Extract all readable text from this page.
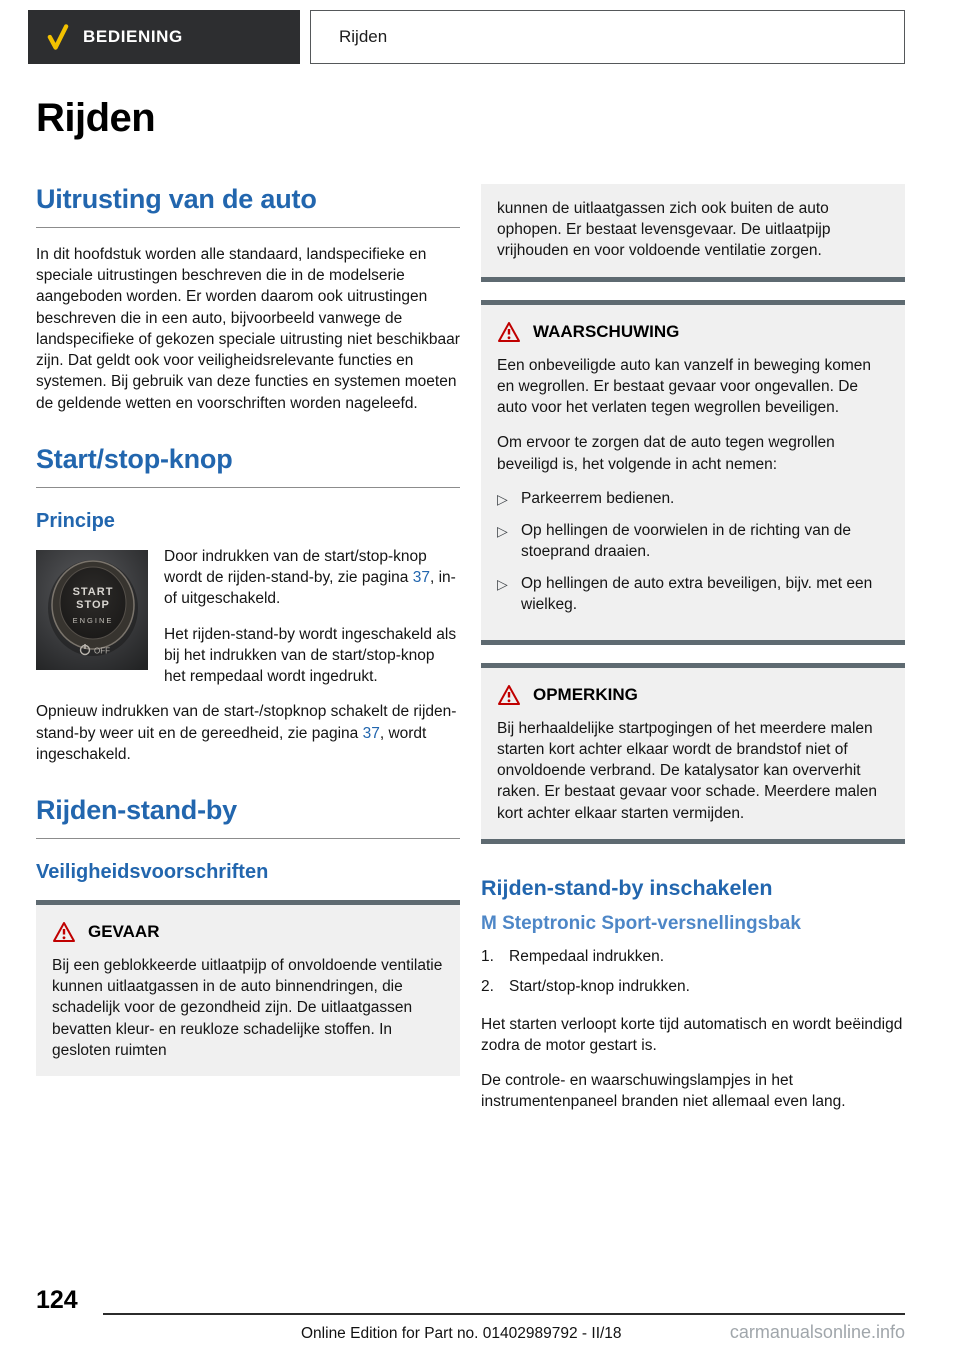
BEDIENING	Rijden
Rijden
Uitrusting van de auto

In dit hoofdstuk worden alle standaard, landspecifieke en speciale uitrustingen beschreven die in de modelserie aangeboden worden. Er worden daarom ook uitrustingen beschreven die in een auto, bijvoorbeeld vanwege de landspecifieke of gekozen speciale uitrusting niet beschikbaar zijn. Dat geldt ook voor veiligheidsrelevante functies en systemen. Bij gebruik van deze functies en systemen moeten de geldende wetten en voorschriften worden nageleefd.

Start/stop-knop
Principe
START
STOP
ENGINE
OFF

Door indrukken van de start/stop-knop wordt de rijden-stand-by, zie pagina 37, in- of uitgeschakeld.

Het rijden-stand-by wordt ingeschakeld als bij het indrukken van de start/stop-knop het rempedaal wordt ingedrukt.

Opnieuw indrukken van de start-/stopknop schakelt de rijden-stand-by weer uit en de gereedheid, zie pagina 37, wordt ingeschakeld.

Rijden-stand-by
Veiligheidsvoorschriften
GEVAAR

Bij een geblokkeerde uitlaatpijp of onvoldoende ventilatie kunnen uitlaatgassen in de auto binnendringen, die schadelijk voor de gezondheid zijn. De uitlaatgassen bevatten kleur- en reukloze schadelijke stoffen. In gesloten ruimten

kunnen de uitlaatgassen zich ook buiten de auto ophopen. Er bestaat levensgevaar. De uitlaatpijp vrijhouden en voor voldoende ventilatie zorgen.

WAARSCHUWING

Een onbeveiligde auto kan vanzelf in beweging komen en wegrollen. Er bestaat gevaar voor ongevallen. De auto voor het verlaten tegen wegrollen beveiligen.

Om ervoor te zorgen dat de auto tegen wegrollen beveiligd is, het volgende in acht nemen:

▷ Parkeerrem bedienen.
▷ Op hellingen de voorwielen in de richting van de stoeprand draaien.
▷ Op hellingen de auto extra beveiligen, bijv. met een wielkeg.
OPMERKING

Bij herhaaldelijke startpogingen of het meerdere malen starten kort achter elkaar wordt de brandstof niet of onvoldoende verbrand. De katalysator kan oververhit raken. Er bestaat gevaar voor schade. Meerdere malen kort achter elkaar starten vermijden.

Rijden-stand-by inschakelen
M Steptronic Sport-versnellingsbak
1. Rempedaal indrukken.
2. Start/stop-knop indrukken.

Het starten verloopt korte tijd automatisch en wordt beëindigd zodra de motor gestart is.

De controle- en waarschuwingslampjes in het instrumentenpaneel branden niet allemaal even lang.

124
Online Edition for Part no. 01402989792 - II/18	carmanualsonline.info
